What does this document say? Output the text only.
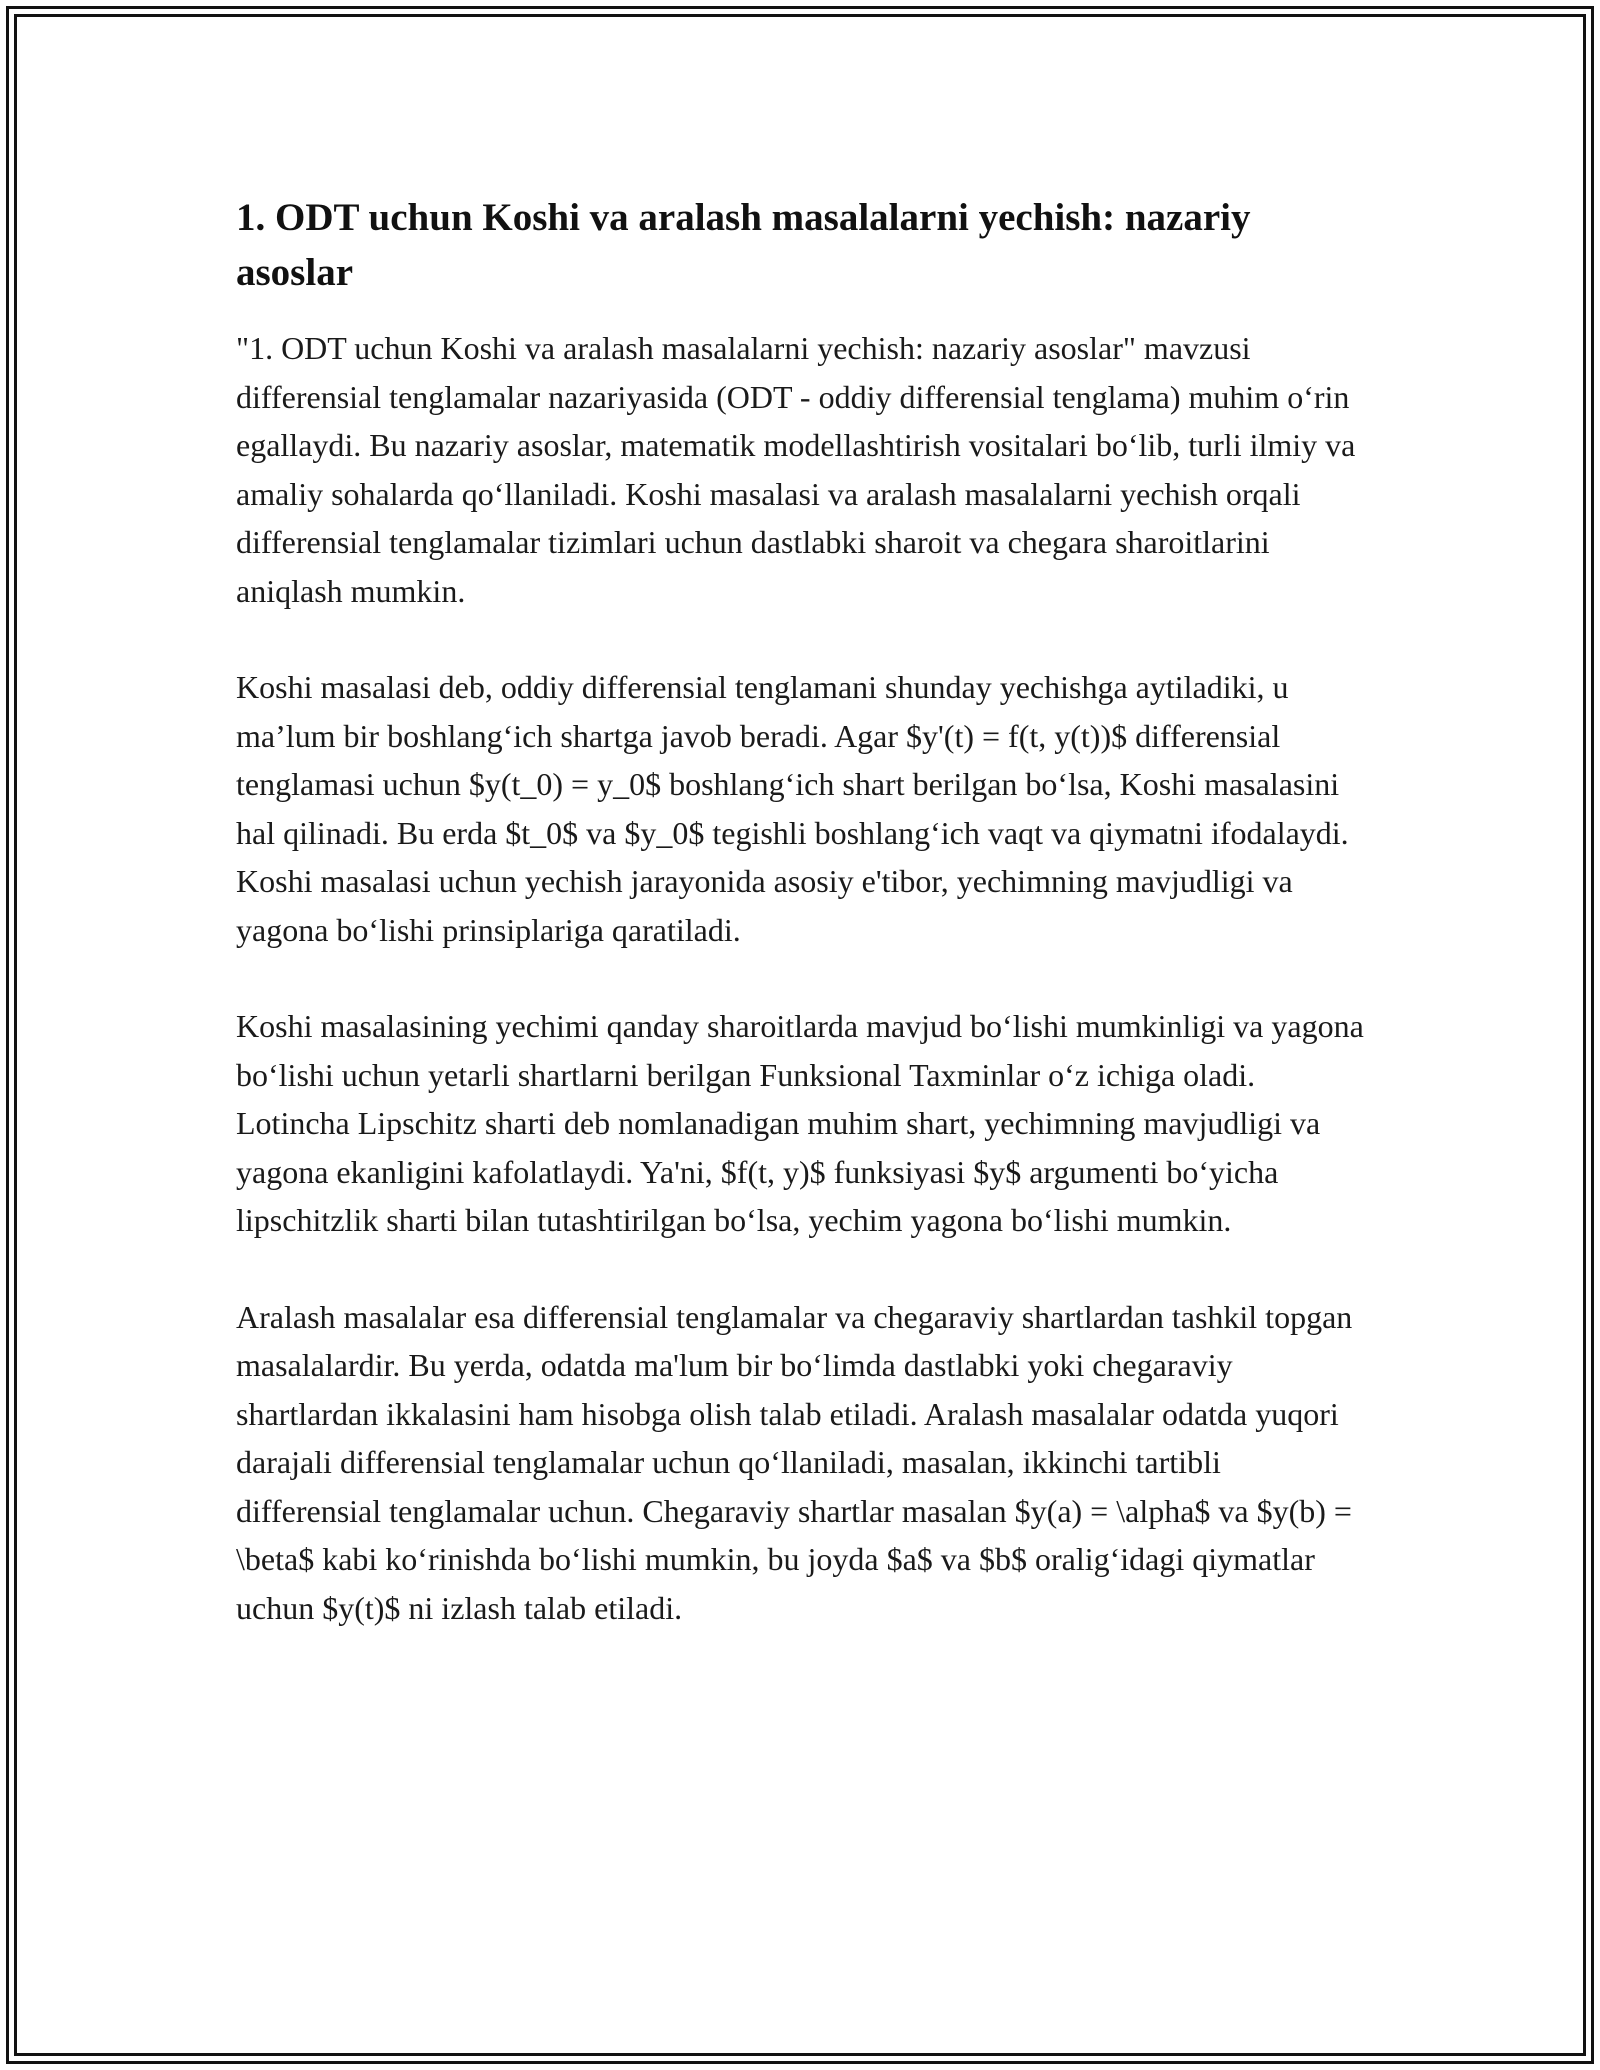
1. ODT uchun Koshi va aralash masalalarni yechish: nazariy asoslar

"1. ODT uchun Koshi va aralash masalalarni yechish: nazariy asoslar" mavzusi differensial tenglamalar nazariyasida (ODT - oddiy differensial tenglama) muhim o‘rin egallaydi. Bu nazariy asoslar, matematik modellashtirish vositalari bo‘lib, turli ilmiy va amaliy sohalarda qo‘llaniladi. Koshi masalasi va aralash masalalarni yechish orqali differensial tenglamalar tizimlari uchun dastlabki sharoit va chegara sharoitlarini aniqlash mumkin.

Koshi masalasi deb, oddiy differensial tenglamani shunday yechishga aytiladiki, u ma’lum bir boshlang‘ich shartga javob beradi. Agar $y'(t) = f(t, y(t))$ differensial tenglamasi uchun $y(t_0) = y_0$ boshlang‘ich shart berilgan bo‘lsa, Koshi masalasini hal qilinadi. Bu erda $t_0$ va $y_0$ tegishli boshlang‘ich vaqt va qiymatni ifodalaydi. Koshi masalasi uchun yechish jarayonida asosiy e'tibor, yechimning mavjudligi va yagona bo‘lishi prinsiplariga qaratiladi.

Koshi masalasining yechimi qanday sharoitlarda mavjud bo‘lishi mumkinligi va yagona bo‘lishi uchun yetarli shartlarni berilgan Funksional Taxminlar o‘z ichiga oladi. Lotincha Lipschitz sharti deb nomlanadigan muhim shart, yechimning mavjudligi va yagona ekanligini kafolatlaydi. Ya'ni, $f(t, y)$ funksiyasi $y$ argumenti bo‘yicha lipschitzlik sharti bilan tutashtirilgan bo‘lsa, yechim yagona bo‘lishi mumkin.

Aralash masalalar esa differensial tenglamalar va chegaraviy shartlardan tashkil topgan masalalardir. Bu yerda, odatda ma'lum bir bo‘limda dastlabki yoki chegaraviy shartlardan ikkalasini ham hisobga olish talab etiladi. Aralash masalalar odatda yuqori darajali differensial tenglamalar uchun qo‘llaniladi, masalan, ikkinchi tartibli differensial tenglamalar uchun. Chegaraviy shartlar masalan $y(a) = \alpha$ va $y(b) = \beta$ kabi ko‘rinishda bo‘lishi mumkin, bu joyda $a$ va $b$ oralig‘idagi qiymatlar uchun $y(t)$ ni izlash talab etiladi.
